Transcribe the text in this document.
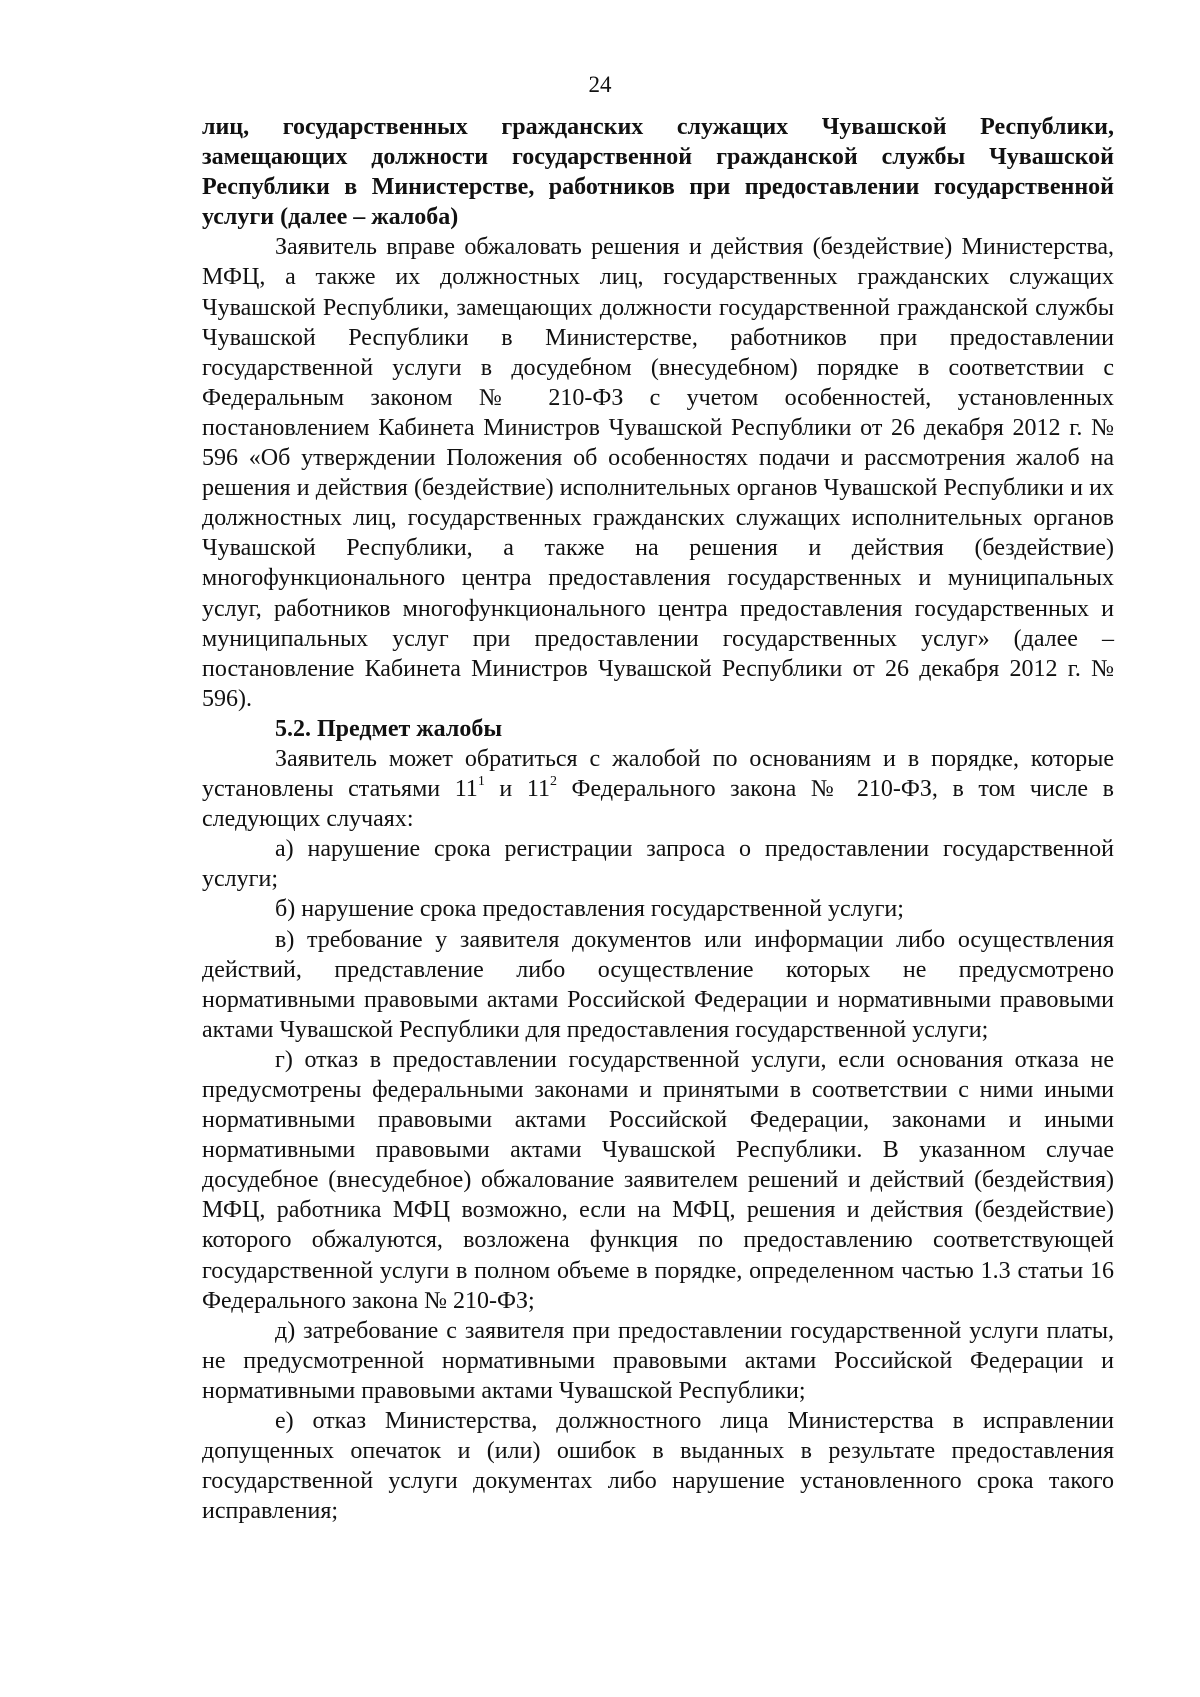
24

лиц, государственных гражданских служащих Чувашской Республики, замещающих должности государственной гражданской службы Чувашской Республики в Министерстве, работников при предоставлении государственной услуги (далее – жалоба)

Заявитель вправе обжаловать решения и действия (бездействие) Министерства, МФЦ, а также их должностных лиц, государственных гражданских служащих Чувашской Республики, замещающих должности государственной гражданской службы Чувашской Республики в Министерстве, работников при предоставлении государственной услуги в досудебном (внесудебном) порядке в соответствии с Федеральным законом № 210-ФЗ с учетом особенностей, установленных постановлением Кабинета Министров Чувашской Республики от 26 декабря 2012 г. № 596 «Об утверждении Положения об особенностях подачи и рассмотрения жалоб на решения и действия (бездействие) исполнительных органов Чувашской Республики и их должностных лиц, государственных гражданских служащих исполнительных органов Чувашской Республики, а также на решения и действия (бездействие) многофункционального центра предоставления государственных и муниципальных услуг, работников многофункционального центра предоставления государственных и муниципальных услуг при предоставлении государственных услуг» (далее – постановление Кабинета Министров Чувашской Республики от 26 декабря 2012 г. № 596).

5.2. Предмет жалобы

Заявитель может обратиться с жалобой по основаниям и в порядке, которые установлены статьями $11^1$ и $11^2$ Федерального закона № 210-ФЗ, в том числе в следующих случаях:

а) нарушение срока регистрации запроса о предоставлении государственной услуги;

б) нарушение срока предоставления государственной услуги;

в) требование у заявителя документов или информации либо осуществления действий, представление либо осуществление которых не предусмотрено нормативными правовыми актами Российской Федерации и нормативными правовыми актами Чувашской Республики для предоставления государственной услуги;

г) отказ в предоставлении государственной услуги, если основания отказа не предусмотрены федеральными законами и принятыми в соответствии с ними иными нормативными правовыми актами Российской Федерации, законами и иными нормативными правовыми актами Чувашской Республики. В указанном случае досудебное (внесудебное) обжалование заявителем решений и действий (бездействия) МФЦ, работника МФЦ возможно, если на МФЦ, решения и действия (бездействие) которого обжалуются, возложена функция по предоставлению соответствующей государственной услуги в полном объеме в порядке, определенном частью 1.3 статьи 16 Федерального закона № 210-ФЗ;

д) затребование с заявителя при предоставлении государственной услуги платы, не предусмотренной нормативными правовыми актами Российской Федерации и нормативными правовыми актами Чувашской Республики;

е) отказ Министерства, должностного лица Министерства в исправлении допущенных опечаток и (или) ошибок в выданных в результате предоставления государственной услуги документах либо нарушение установленного срока такого исправления;
